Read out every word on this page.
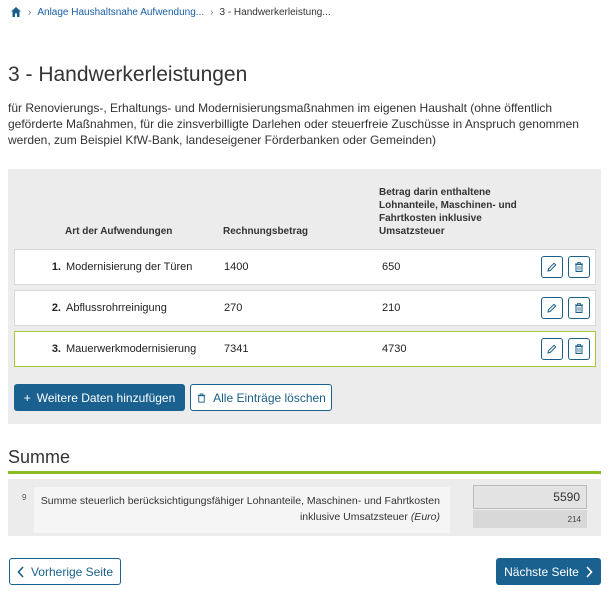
› Anlage Haushaltsnahe Aufwendung... › 3 - Handwerkerleistung...
3 - Handwerkerleistungen

für Renovierungs-, Erhaltungs- und Modernisierungsmaßnahmen im eigenen Haushalt (ohne öffentlich geförderte Maßnahmen, für die zinsverbilligte Darlehen oder steuerfreie Zuschüsse in Anspruch genommen werden, zum Beispiel KfW-Bank, landeseigener Förderbanken oder Gemeinden)

Art der Aufwendungen	Rechnungsbetrag
Betrag darin enthaltene Lohnanteile, Maschinen- und Fahrtkosten inklusive Umsatzsteuer
1. Modernisierung der Türen	1400	650
2. Abflussrohrreinigung	270	210
3. Mauerwerkmodernisierung	7341	4730
+ Weitere Daten hinzufügen	Alle Einträge löschen
Summe
9	Summe steuerlich berücksichtigungsfähiger Lohnanteile, Maschinen- und Fahrtkosten inklusive Umsatzsteuer (Euro)
5590
214
Vorherige Seite	Nächste Seite
